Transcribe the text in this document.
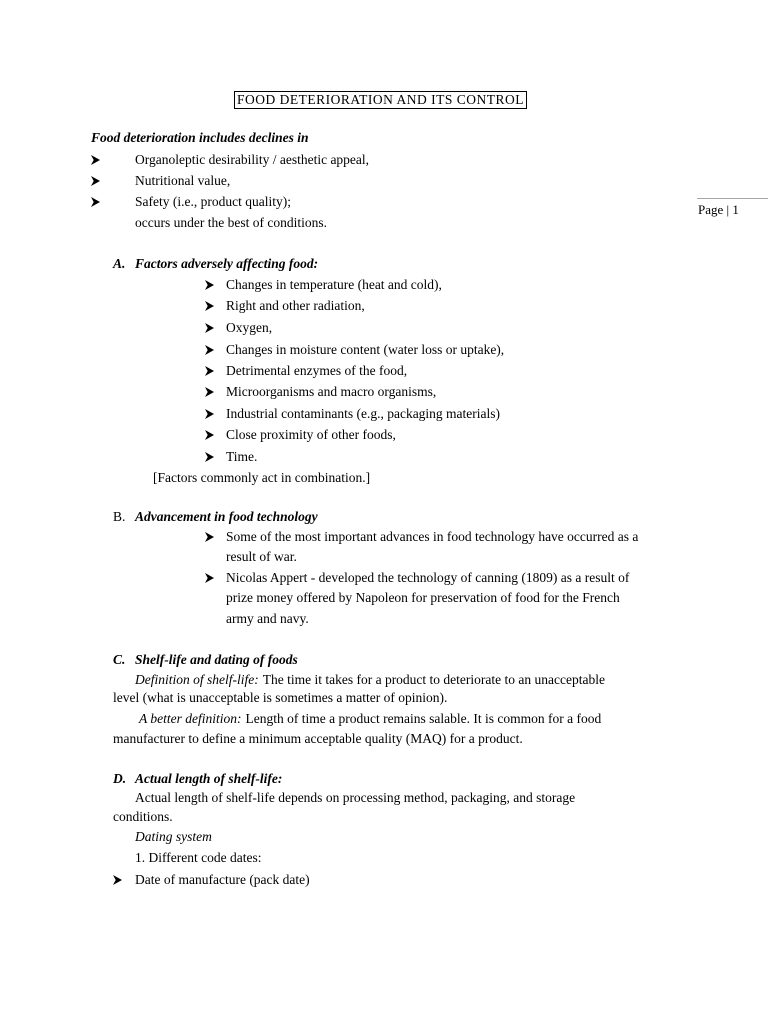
FOOD DETERIORATION AND ITS CONTROL
Page | 1
Food deterioration includes declines in
Organoleptic desirability / aesthetic appeal,
Nutritional value,
Safety (i.e., product quality);
occurs under the best of conditions.
A. Factors adversely affecting food:
Changes in temperature (heat and cold),
Right and other radiation,
Oxygen,
Changes in moisture content (water loss or uptake),
Detrimental enzymes of the food,
Microorganisms and macro organisms,
Industrial contaminants (e.g., packaging materials)
Close proximity of other foods,
Time.
[Factors commonly act in combination.]
B. Advancement in food technology
Some of the most important advances in food technology have occurred as a
result of war.
Nicolas Appert - developed the technology of canning (1809) as a result of
prize money offered by Napoleon for preservation of food for the French
army and navy.
C. Shelf-life and dating of foods
Definition of shelf-life: The time it takes for a product to deteriorate to an unacceptable
level (what is unacceptable is sometimes a matter of opinion).
A better definition: Length of time a product remains salable. It is common for a food
manufacturer to define a minimum acceptable quality (MAQ) for a product.
D. Actual length of shelf-life:
Actual length of shelf-life depends on processing method, packaging, and storage
conditions.
Dating system
1. Different code dates:
Date of manufacture (pack date)
